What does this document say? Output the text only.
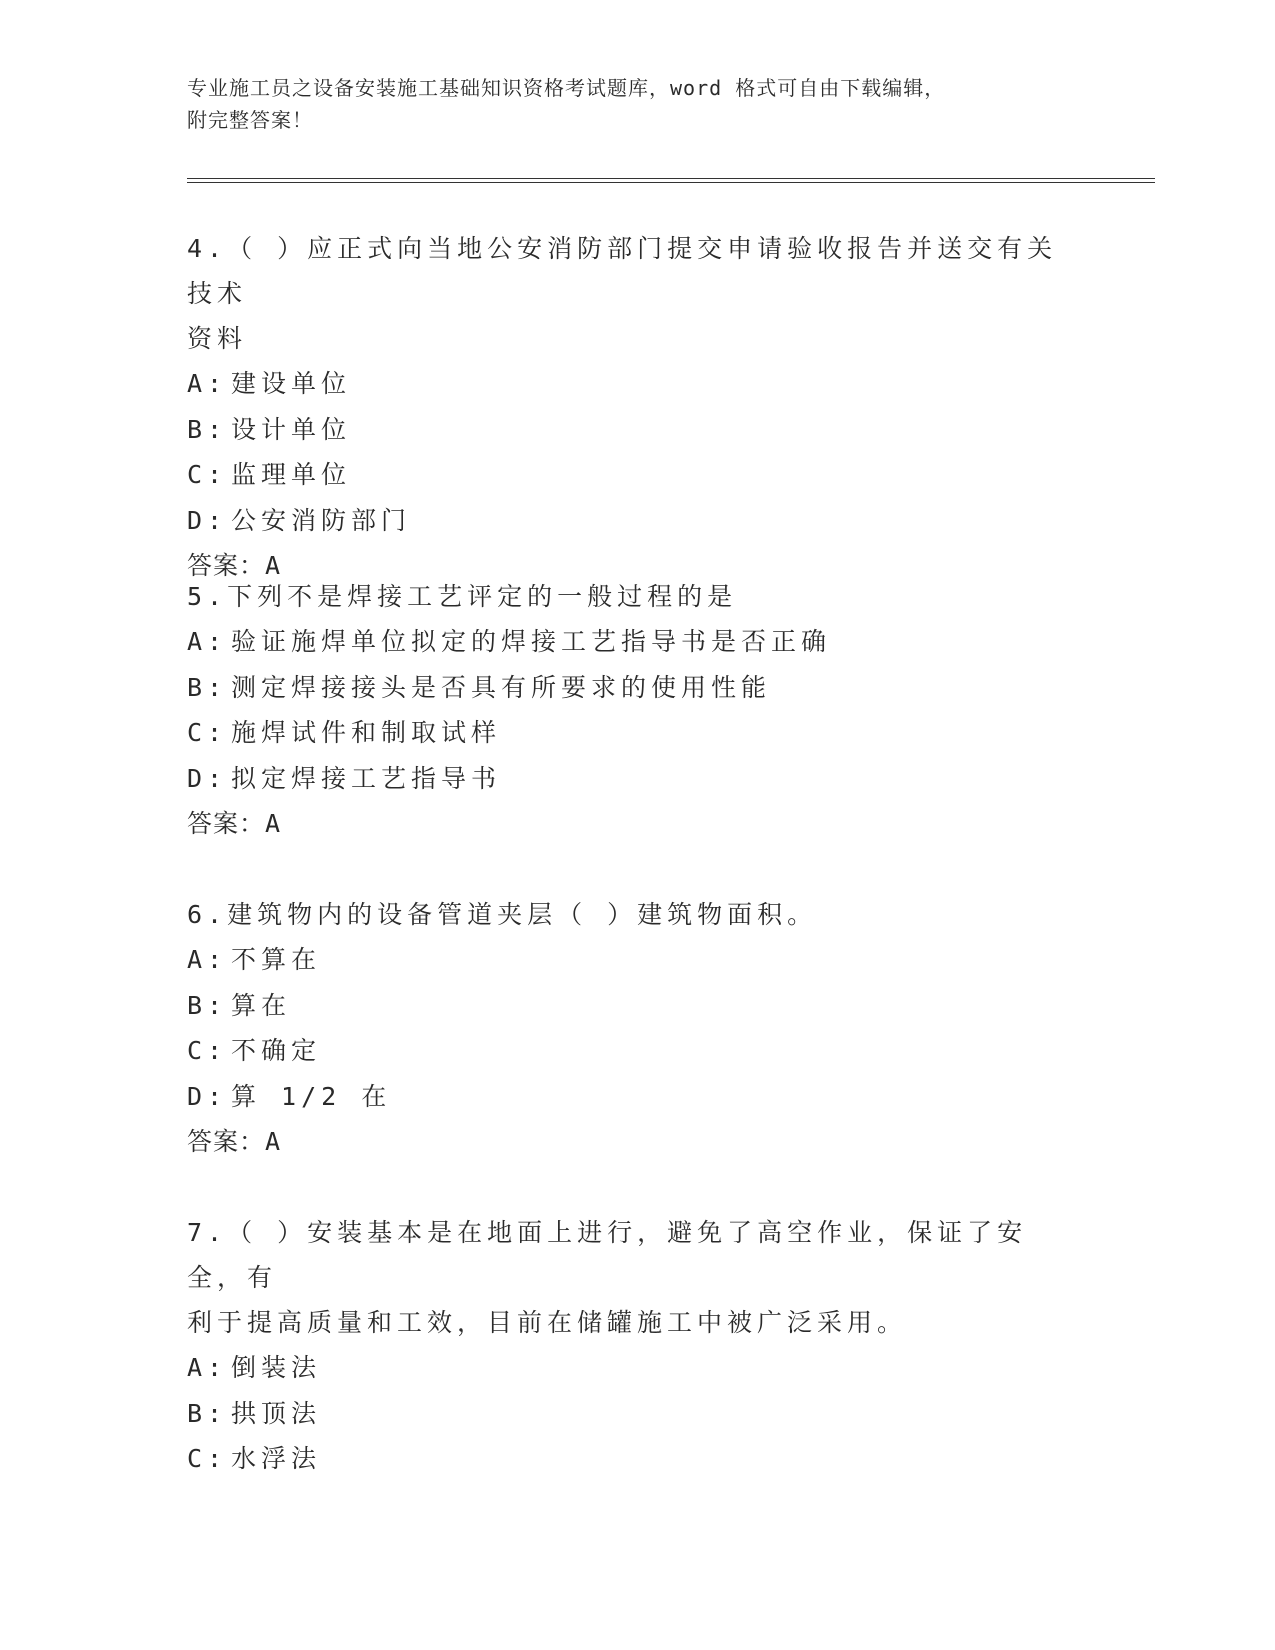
专业施工员之设备安装施工基础知识资格考试题库，word 格式可自由下载编辑，
附完整答案！
4.（ ）应正式向当地公安消防部门提交申请验收报告并送交有关技术
资料
A: 建设单位
B: 设计单位
C: 监理单位
D: 公安消防部门
答案：A
5.下列不是焊接工艺评定的一般过程的是
A: 验证施焊单位拟定的焊接工艺指导书是否正确
B: 测定焊接接头是否具有所要求的使用性能
C: 施焊试件和制取试样
D: 拟定焊接工艺指导书
答案：A
6.建筑物内的设备管道夹层（ ）建筑物面积。
A: 不算在
B: 算在
C: 不确定
D: 算 1/2 在
答案：A
7.（ ）安装基本是在地面上进行，避免了高空作业，保证了安全，有
利于提高质量和工效，目前在储罐施工中被广泛采用。
A: 倒装法
B: 拱顶法
C: 水浮法
